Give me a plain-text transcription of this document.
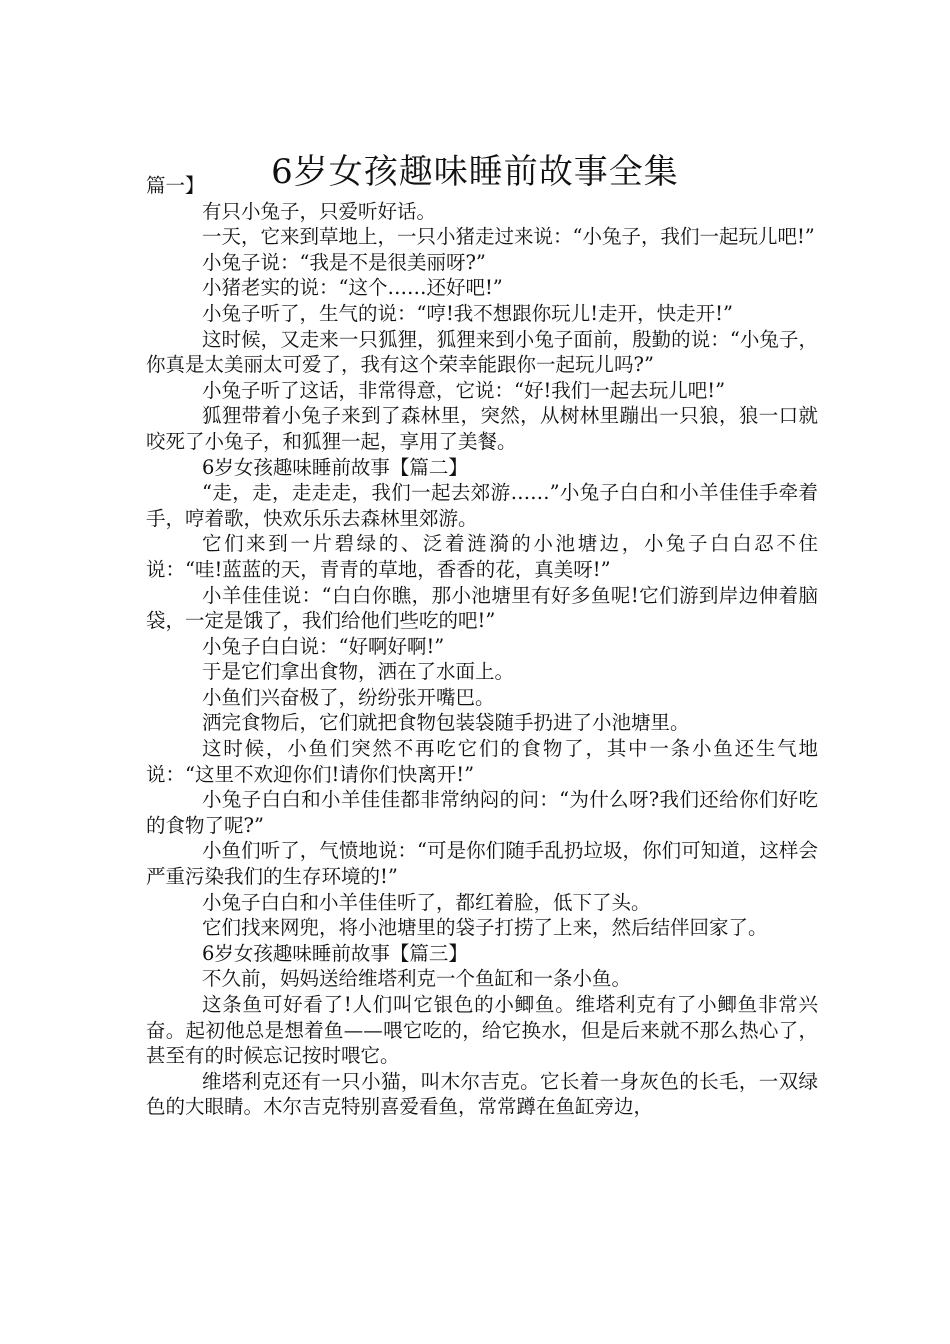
6岁女孩趣味睡前故事全集

篇一】

有只小兔子，只爱听好话。

一天，它来到草地上，一只小猪走过来说：“小兔子，我们一起玩儿吧!”

小兔子说：“我是不是很美丽呀?”

小猪老实的说：“这个……还好吧!”

小兔子听了，生气的说：“哼!我不想跟你玩儿!走开，快走开!”

这时候，又走来一只狐狸，狐狸来到小兔子面前，殷勤的说：“小兔子，你真是太美丽太可爱了，我有这个荣幸能跟你一起玩儿吗?”

小兔子听了这话，非常得意，它说：“好!我们一起去玩儿吧!”

狐狸带着小兔子来到了森林里，突然，从树林里蹦出一只狼，狼一口就咬死了小兔子，和狐狸一起，享用了美餐。

6岁女孩趣味睡前故事【篇二】

“走，走，走走走，我们一起去郊游……”小兔子白白和小羊佳佳手牵着手，哼着歌，快欢乐乐去森林里郊游。

它们来到一片碧绿的、泛着涟漪的小池塘边，小兔子白白忍不住说：“哇!蓝蓝的天，青青的草地，香香的花，真美呀!”

小羊佳佳说：“白白你瞧，那小池塘里有好多鱼呢!它们游到岸边伸着脑袋，一定是饿了，我们给他们些吃的吧!”

小兔子白白说：“好啊好啊!”

于是它们拿出食物，洒在了水面上。

小鱼们兴奋极了，纷纷张开嘴巴。

洒完食物后，它们就把食物包装袋随手扔进了小池塘里。

这时候，小鱼们突然不再吃它们的食物了，其中一条小鱼还生气地说：“这里不欢迎你们!请你们快离开!”

小兔子白白和小羊佳佳都非常纳闷的问：“为什么呀?我们还给你们好吃的食物了呢?”

小鱼们听了，气愤地说：“可是你们随手乱扔垃圾，你们可知道，这样会严重污染我们的生存环境的!”

小兔子白白和小羊佳佳听了，都红着脸，低下了头。

它们找来网兜，将小池塘里的袋子打捞了上来，然后结伴回家了。

6岁女孩趣味睡前故事【篇三】

不久前，妈妈送给维塔利克一个鱼缸和一条小鱼。

这条鱼可好看了!人们叫它银色的小鲫鱼。维塔利克有了小鲫鱼非常兴奋。起初他总是想着鱼——喂它吃的，给它换水，但是后来就不那么热心了，甚至有的时候忘记按时喂它。

维塔利克还有一只小猫，叫木尔吉克。它长着一身灰色的长毛，一双绿色的大眼睛。木尔吉克特别喜爱看鱼，常常蹲在鱼缸旁边，
